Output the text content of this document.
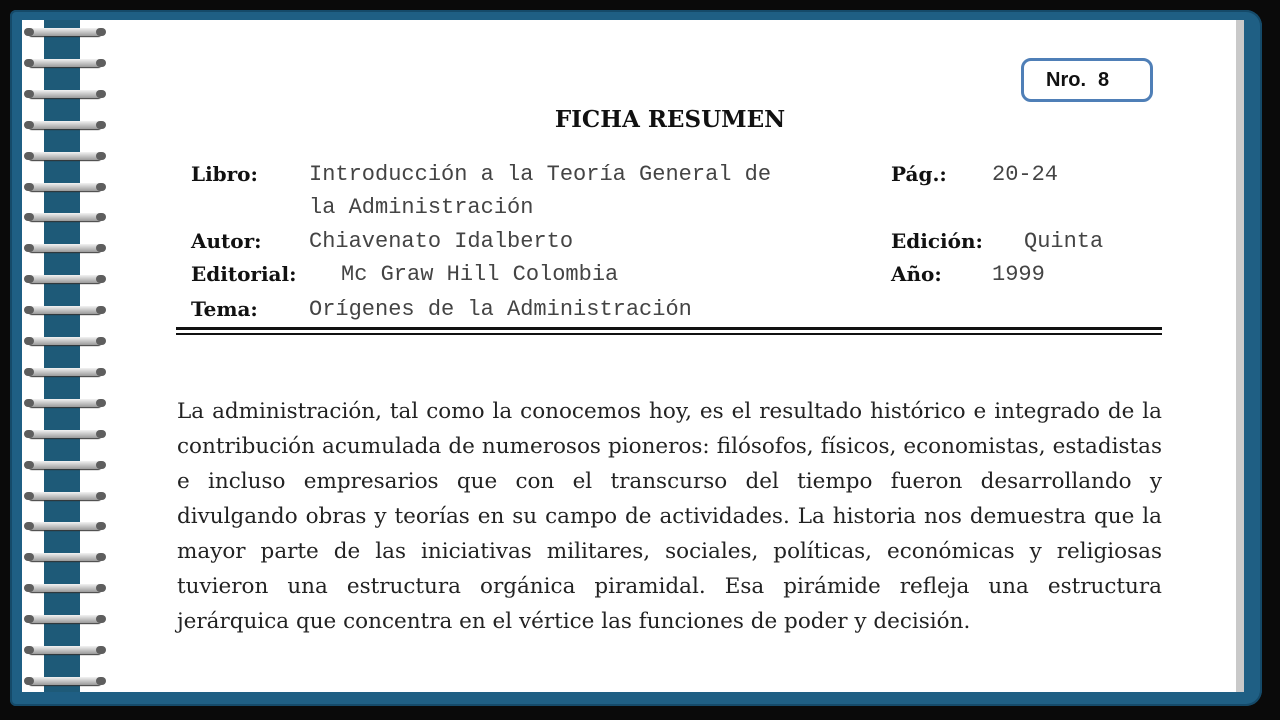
Nro. 8
FICHA RESUMEN
Libro: Introducción a la Teoría General de
la Administración
Pág.: 20-24
Autor: Chiavenato Idalberto	Edición: Quinta
Editorial: Mc Graw Hill Colombia	Año: 1999
Tema: Orígenes de la Administración

La administración, tal como la conocemos hoy, es el resultado histórico e integrado de la contribución acumulada de numerosos pioneros: filósofos, físicos, economistas, estadistas e incluso empresarios que con el transcurso del tiempo fueron desarrollando y divulgando obras y teorías en su campo de actividades. La historia nos demuestra que la mayor parte de las iniciativas militares, sociales, políticas, económicas y religiosas tuvieron una estructura orgánica piramidal. Esa pirámide refleja una estructura jerárquica que concentra en el vértice las funciones de poder y decisión.
